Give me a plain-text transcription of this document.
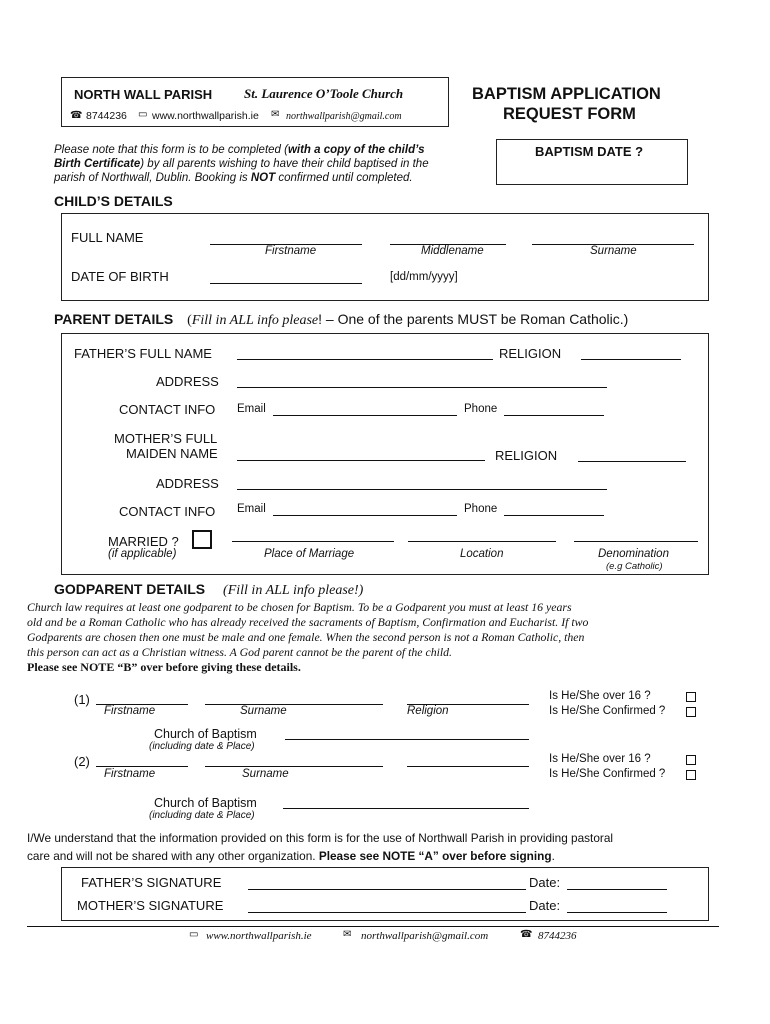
NORTH WALL PARISH St. Laurence O’Toole Church
☎ 8744236 ▭ www.northwallparish.ie ✉ northwallparish@gmail.com
BAPTISM APPLICATION
REQUEST FORM
Please note that this form is to be completed (with a copy of the child’s
Birth Certificate) by all parents wishing to have their child baptised in the
parish of Northwall, Dublin. Booking is NOT confirmed until completed.
BAPTISM DATE ?
CHILD’S DETAILS
FULL NAME
Firstname	Middlename	Surname
DATE OF BIRTH	[dd/mm/yyyy]
PARENT DETAILS (Fill in ALL info please! – One of the parents MUST be Roman Catholic.)
FATHER’S FULL NAME	RELIGION
ADDRESS
CONTACT INFO Email	Phone
MOTHER’S FULL
MAIDEN NAME	RELIGION
ADDRESS
CONTACT INFO Email	Phone
MARRIED ?
(if applicable)	Place of Marriage	Location	Denomination
(e.g Catholic)
GODPARENT DETAILS (Fill in ALL info please!)
Church law requires at least one godparent to be chosen for Baptism. To be a Godparent you must at least 16 years
old and be a Roman Catholic who has already received the sacraments of Baptism, Confirmation and Eucharist. If two
Godparents are chosen then one must be male and one female. When the second person is not a Roman Catholic, then
this person can act as a Christian witness. A God parent cannot be the parent of the child.
Please see NOTE “B” over before giving these details.
(1)
Firstname	Surname	Religion
Is He/She over 16 ?
Is He/She Confirmed ?
Church of Baptism
(including date & Place)
(2)
Firstname	Surname
Is He/She over 16 ?
Is He/She Confirmed ?
Church of Baptism
(including date & Place)
I/We understand that the information provided on this form is for the use of Northwall Parish in providing pastoral
care and will not be shared with any other organization. Please see NOTE “A” over before signing.
FATHER’S SIGNATURE	Date:
MOTHER’S SIGNATURE	Date:
▭ www.northwallparish.ie	✉ northwallparish@gmail.com	☎ 8744236
